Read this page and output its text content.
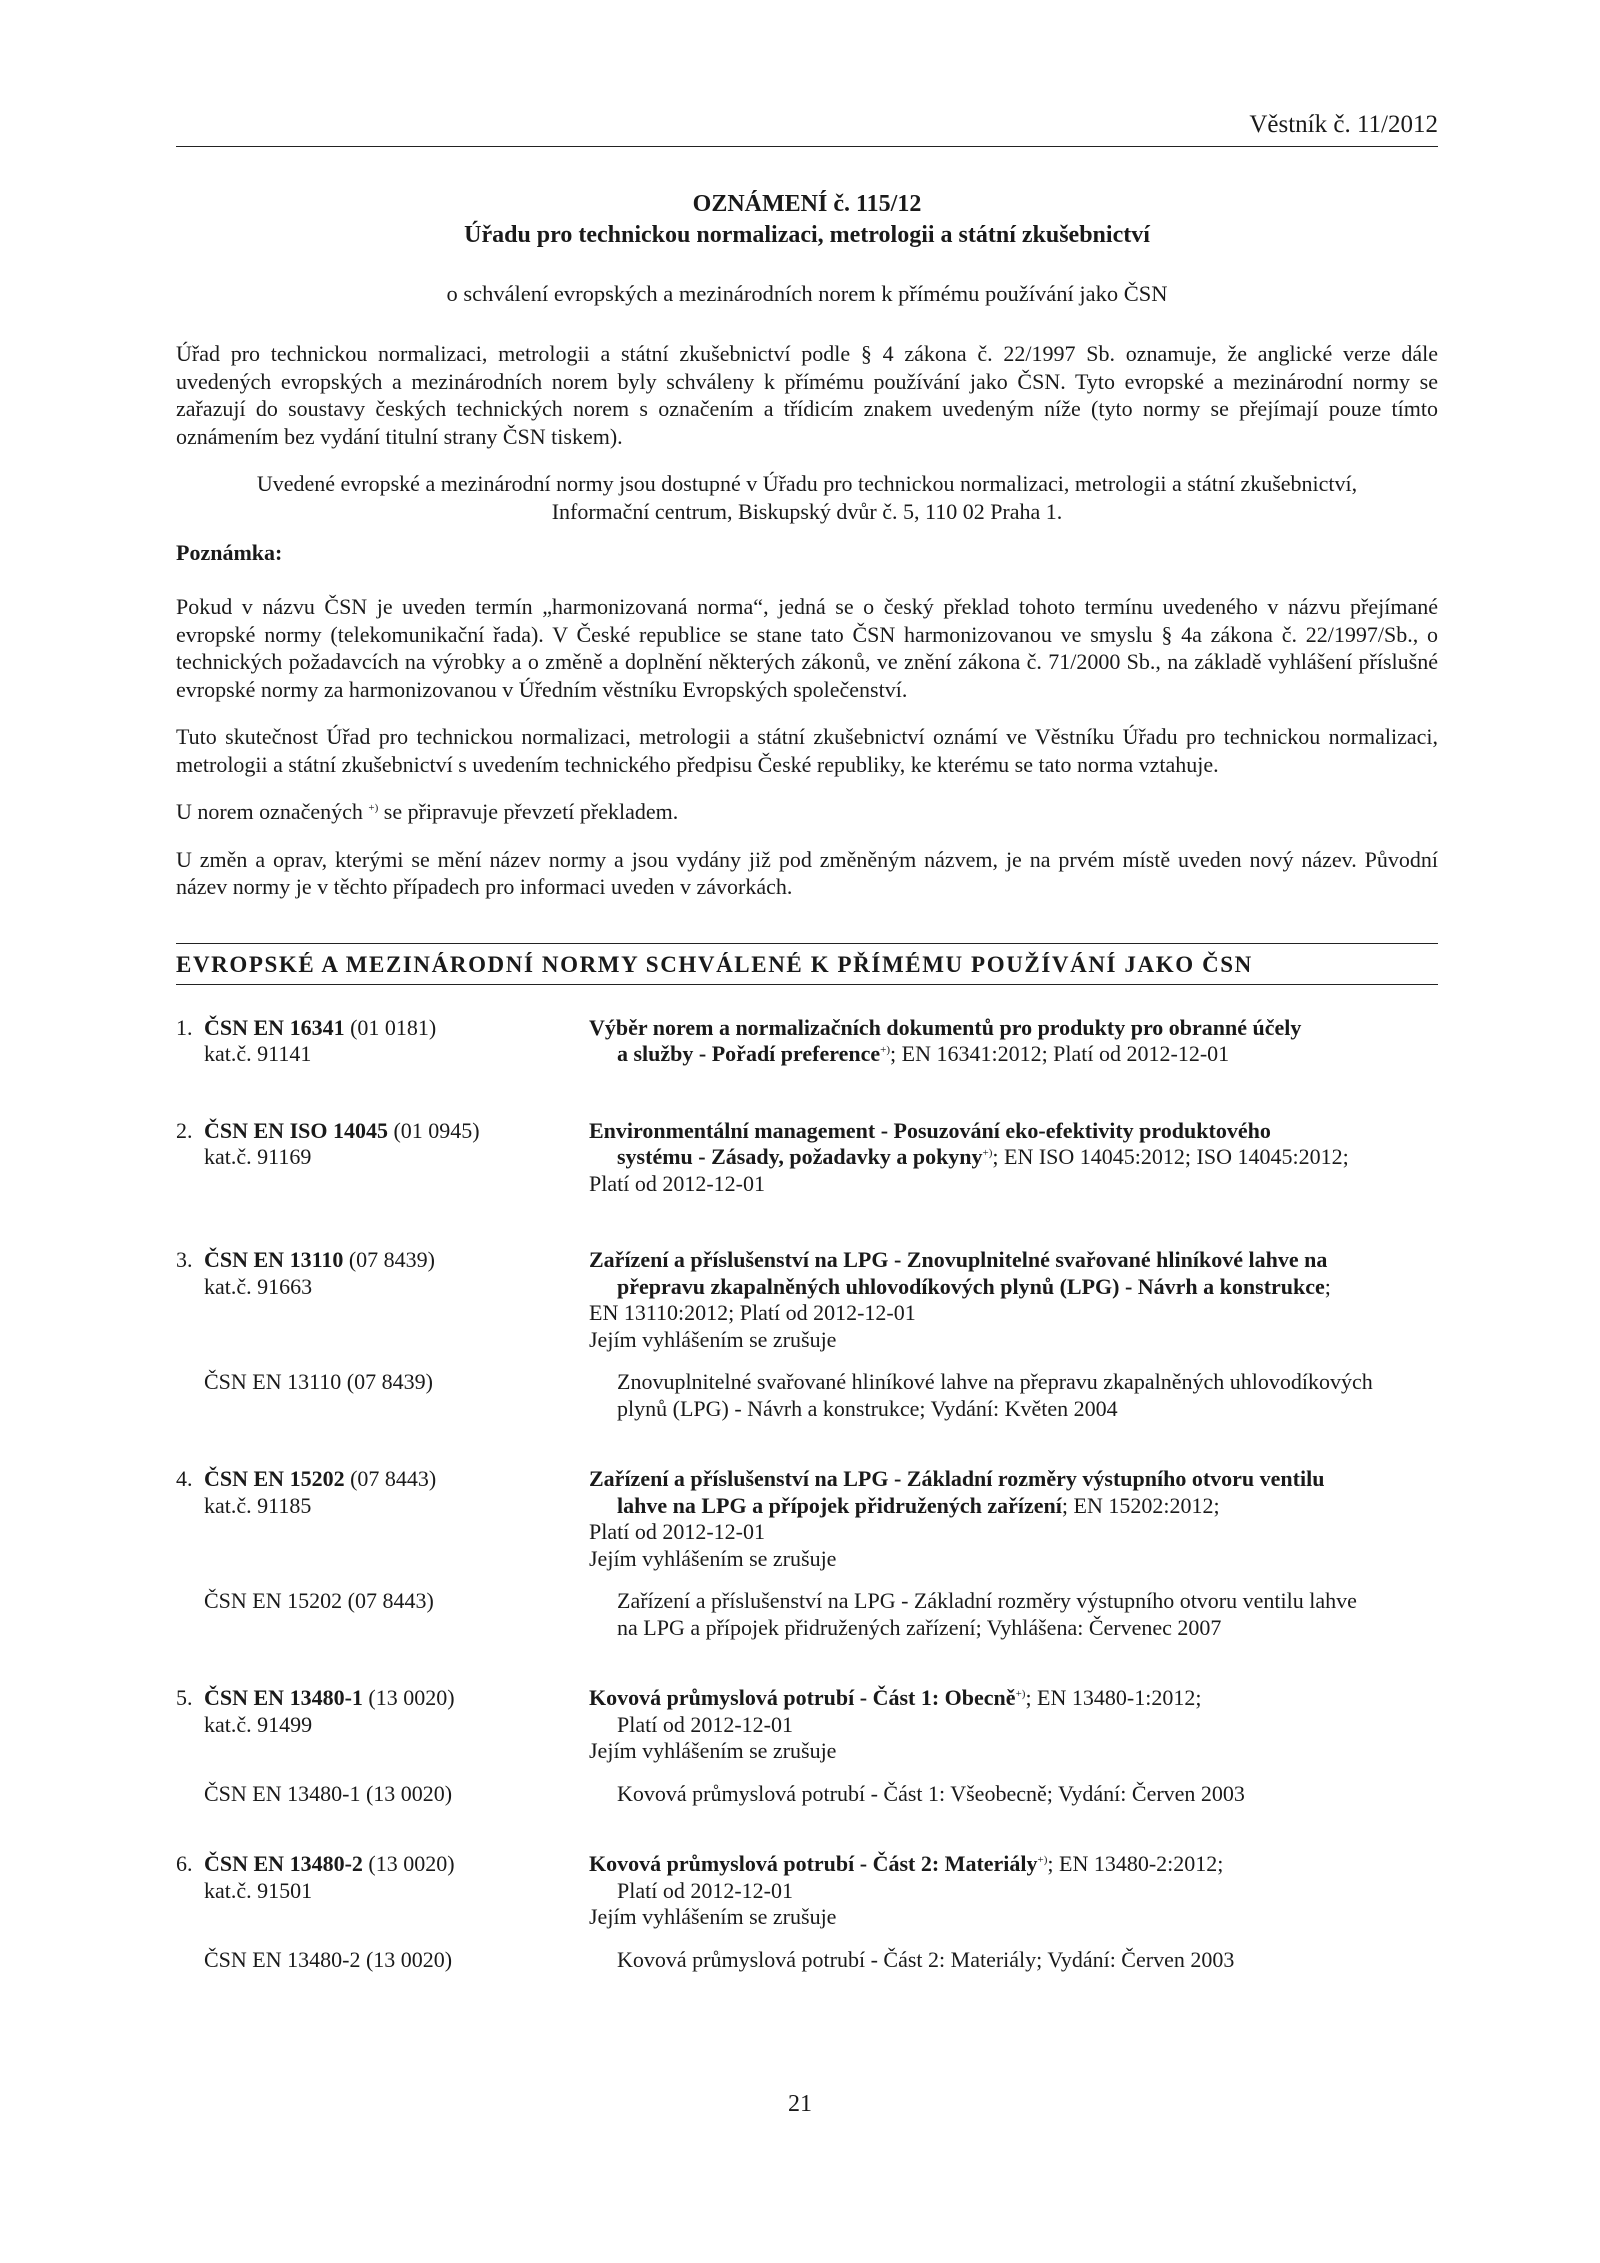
Věstník č. 11/2012
OZNÁMENÍ č. 115/12
Úřadu pro technickou normalizaci, metrologii a státní zkušebnictví
o schválení evropských a mezinárodních norem k přímému používání jako ČSN

Úřad pro technickou normalizaci, metrologii a státní zkušebnictví podle § 4 zákona č. 22/1997 Sb. oznamuje, že anglické verze dále uvedených evropských a mezinárodních norem byly schváleny k přímému používání jako ČSN. Tyto evropské a mezinárodní normy se zařazují do soustavy českých technických norem s označením a třídicím znakem uvedeným níže (tyto normy se přejímají pouze tímto oznámením bez vydání titulní strany ČSN tiskem).

Uvedené evropské a mezinárodní normy jsou dostupné v Úřadu pro technickou normalizaci, metrologii a státní zkušebnictví,
Informační centrum, Biskupský dvůr č. 5, 110 02 Praha 1.

Poznámka:

Pokud v názvu ČSN je uveden termín „harmonizovaná norma“, jedná se o český překlad tohoto termínu uvedeného v názvu přejímané evropské normy (telekomunikační řada). V České republice se stane tato ČSN harmonizovanou ve smyslu § 4a zákona č. 22/1997/Sb., o technických požadavcích na výrobky a o změně a doplnění některých zákonů, ve znění zákona č. 71/2000 Sb., na základě vyhlášení příslušné evropské normy za harmonizovanou v Úředním věstníku Evropských společenství.

Tuto skutečnost Úřad pro technickou normalizaci, metrologii a státní zkušebnictví oznámí ve Věstníku Úřadu pro technickou normalizaci, metrologii a státní zkušebnictví s uvedením technického předpisu České republiky, ke kterému se tato norma vztahuje.

U norem označených +) se připravuje převzetí překladem.

U změn a oprav, kterými se mění název normy a jsou vydány již pod změněným názvem, je na prvém místě uveden nový název. Původní název normy je v těchto případech pro informaci uveden v závorkách.

EVROPSKÉ A MEZINÁRODNÍ NORMY SCHVÁLENÉ K PŘÍMÉMU POUŽÍVÁNÍ JAKO ČSN
1. ČSN EN 16341 (01 0181)	Výběr norem a normalizačních dokumentů pro produkty pro obranné účely
kat.č. 91141	a služby - Pořadí preference+); EN 16341:2012; Platí od 2012-12-01
2. ČSN EN ISO 14045 (01 0945)	Environmentální management - Posuzování eko-efektivity produktového
kat.č. 91169	systému - Zásady, požadavky a pokyny+); EN ISO 14045:2012; ISO 14045:2012;
Platí od 2012-12-01
3. ČSN EN 13110 (07 8439)	Zařízení a příslušenství na LPG - Znovuplnitelné svařované hliníkové lahve na
kat.č. 91663	přepravu zkapalněných uhlovodíkových plynů (LPG) - Návrh a konstrukce;
EN 13110:2012; Platí od 2012-12-01
Jejím vyhlášením se zrušuje
ČSN EN 13110 (07 8439)	Znovuplnitelné svařované hliníkové lahve na přepravu zkapalněných uhlovodíkových
plynů (LPG) - Návrh a konstrukce; Vydání: Květen 2004
4. ČSN EN 15202 (07 8443)	Zařízení a příslušenství na LPG - Základní rozměry výstupního otvoru ventilu
kat.č. 91185	lahve na LPG a přípojek přidružených zařízení; EN 15202:2012;
Platí od 2012-12-01
Jejím vyhlášením se zrušuje
ČSN EN 15202 (07 8443)	Zařízení a příslušenství na LPG - Základní rozměry výstupního otvoru ventilu lahve
na LPG a přípojek přidružených zařízení; Vyhlášena: Červenec 2007
5. ČSN EN 13480-1 (13 0020)	Kovová průmyslová potrubí - Část 1: Obecně+); EN 13480-1:2012;
kat.č. 91499	Platí od 2012-12-01
Jejím vyhlášením se zrušuje
ČSN EN 13480-1 (13 0020)	Kovová průmyslová potrubí - Část 1: Všeobecně; Vydání: Červen 2003
6. ČSN EN 13480-2 (13 0020)	Kovová průmyslová potrubí - Část 2: Materiály+); EN 13480-2:2012;
kat.č. 91501	Platí od 2012-12-01
Jejím vyhlášením se zrušuje
ČSN EN 13480-2 (13 0020)	Kovová průmyslová potrubí - Část 2: Materiály; Vydání: Červen 2003
21
